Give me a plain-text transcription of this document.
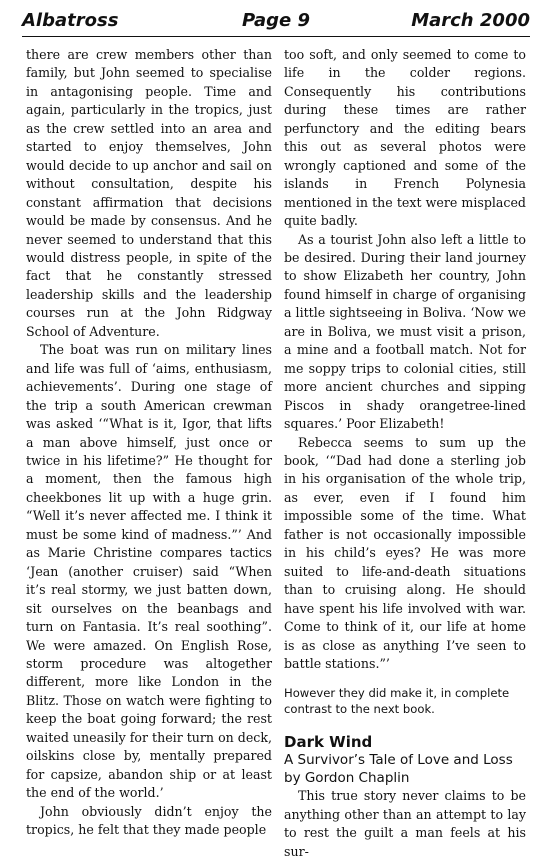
Albatross	Page 9	March 2000

there are crew members other than family, but John seemed to specialise in antagonising people. Time and again, particularly in the tropics, just as the crew settled into an area and started to enjoy themselves, John would decide to up anchor and sail on without consultation, despite his constant affirmation that decisions would be made by consensus. And he never seemed to understand that this would distress people, in spite of the fact that he constantly stressed leadership skills and the leadership courses run at the John Ridgway School of Adventure.

The boat was run on military lines and life was full of ‘aims, enthusiasm, achievements’. During one stage of the trip a south American crewman was asked ‘“What is it, Igor, that lifts a man above himself, just once or twice in his lifetime?” He thought for a moment, then the famous high cheekbones lit up with a huge grin. “Well it’s never affected me. I think it must be some kind of madness.”’ And as Marie Christine compares tactics ‘Jean (another cruiser) said “When it’s real stormy, we just batten down, sit ourselves on the beanbags and turn on Fantasia. It’s real soothing”. We were amazed. On English Rose, storm procedure was altogether different, more like London in the Blitz. Those on watch were fighting to keep the boat going forward; the rest waited uneasily for their turn on deck, oilskins close by, mentally prepared for capsize, abandon ship or at least the end of the world.’

John obviously didn’t enjoy the tropics, he felt that they made people

too soft, and only seemed to come to life in the colder regions. Consequently his contributions during these times are rather perfunctory and the editing bears this out as several photos were wrongly captioned and some of the islands in French Polynesia mentioned in the text were misplaced quite badly.

As a tourist John also left a little to be desired. During their land journey to show Elizabeth her country, John found himself in charge of organising a little sightseeing in Boliva. ‘Now we are in Boliva, we must visit a prison, a mine and a football match. Not for me soppy trips to colonial cities, still more ancient churches and sipping Piscos in shady orangetree-lined squares.’ Poor Elizabeth!

Rebecca seems to sum up the book, ‘“Dad had done a sterling job in his organisation of the whole trip, as ever, even if I found him impossible some of the time. What father is not occasionally impossible in his child’s eyes? He was more suited to life-and-death situations than to cruising along. He should have spent his life involved with war. Come to think of it, our life at home is as close as anything I’ve seen to battle stations.”’

However they did make it, in complete contrast to the next book.

Dark Wind

A Survivor’s Tale of Love and Loss by Gordon Chaplin

This true story never claims to be anything other than an attempt to lay to rest the guilt a man feels at his sur-
